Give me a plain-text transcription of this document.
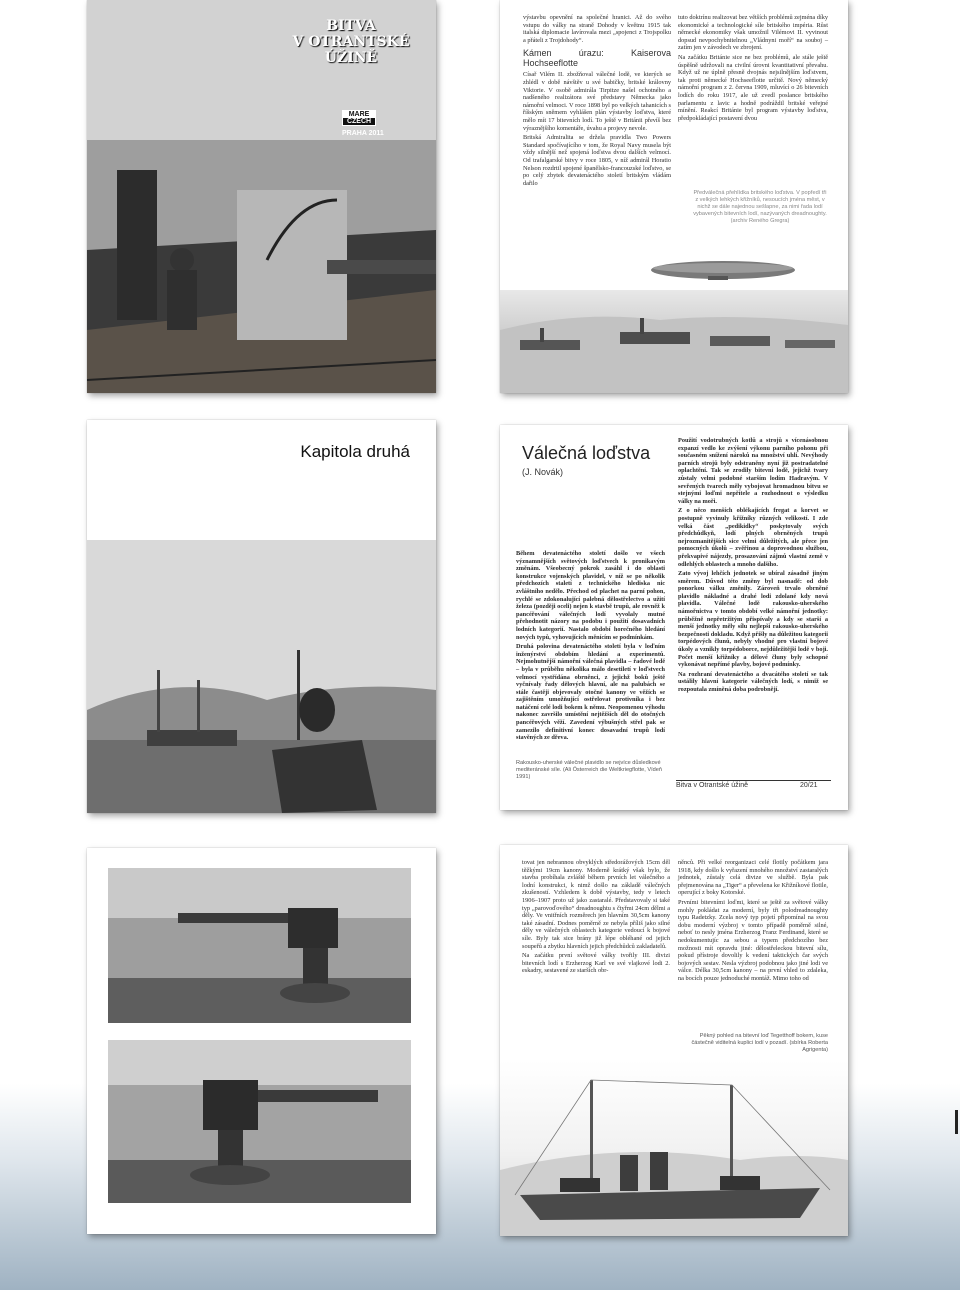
BITVA
V OTRANTSKÉ
ÚŽINĚ
MARE
CZECH
PRAHA 2011

výstavbu opevnění na společné hranici. Až do svého vstupu do války na straně Dohody v květnu 1915 tak italská diplomacie lavírovala mezi „spojenci z Trojspolku a přáteli z Trojdohody“.

Kámen úrazu: Kaiserova Hochseeflotte

Císař Vilém II. zbožňoval válečné lodě, ve kterých se zhlédl v době návštěv u své babičky, britské královny Viktorie. V osobě admirála Tirpitze našel ochotného a nadšeného realizátora své představy Německa jako námořní velmoci. V roce 1898 byl po velkých tahanicích s říšským sněmem vyhlášen plán výstavby loďstva, které mělo mít 17 bitevních lodí. To ještě v Británii převíš bez výraznějšího komentáře, úvahu a projevy nevole.

Britská Admiralita se držela pravidla Two Powers Standard spočívajícího v tom, že Royal Navy musela být vždy silnější než spojená loďstva dvou dalších velmocí. Od trafalgarské bitvy v roce 1805, v níž admirál Horatio Nelson rozdrtil spojené španělsko-francouzské loďstvo, se po celý zbytek devatenáctého století britským vládám dařilo

tuto doktrínu realizovat bez větších problémů zejména díky ekonomické a technologické síle britského impéria. Růst německé ekonomiky však umožnil Vilémovi II. vyvinout dopsud nevpochybnitelnou „Vládnyni moří“ na souboj – zatím jen v závodech ve zbrojení.

Na začátku Británie sice ne bez problémů, ale stále ještě úspěšně udržovali na civilní úrovni kvantitativní převahu. Když už ne úplně přesně dvojnás nejsilnějším loďstvem, tak proti německé Hochseeflotte určitě. Nový německý námořní program z 2. června 1909, mluvící o 26 bitevních lodích do roku 1917, ale už zvedl poslance britského parlamentu z lavic a hodně podráždil britské veřejné mínění. Reakcí Británie byl program výstavby loďstva, předpokládající postavení dvou

Předválečná přehlídka britského loďstva. V popředí tři z velkých lehkých křižníků, nesoucích jména měst, v nichž se dále najednou sešlapne, za nimi řada lodí vybavených bitevních lodí, nazývaných dreadnoughty. (archiv Reného Gregra)
Kapitola druhá	Válečná loďstva
(J. Novák)

Během devatenáctého století došlo ve všech významnějších světových loďstvech k pronikavým změnám. Všeobecný pokrok zasáhl i do oblasti konstrukce vojenských plavidel, v níž se po několik předchozích staletí z technického hlediska nic zvláštního nedělo. Přechod od plachet na parní pohon, rychlé se zdokonalující palebná dělostřelectvo a užití železa (později oceli) nejen k stavbě trupů, ale rovněž k pancéřování válečných lodí vyvolaly mutné přehodnotit názory na podobu i použití dosavadních lodních kategorií. Nastalo období horečného hledání nových typů, vyhovujících měnícím se podmínkám.

Druhá polovina devatenáctého století byla v loďním inženýrství obdobím hledání a experimentů. Nejmohutnější námořní válečná plavidla – řadové lodě – byla v průběhu několika málo desetiletí v loďstvech velmocí vystřídána obrněnci, z jejichž boků ještě vyčnívaly řady dělových hlavní, ale na palubách se stále častěji objevovaly otočné kanony ve věžích se zajištěním umožňující ostřelovat protivníka i bez natáčení celé lodi bokem k němu. Neopomenou výhodu nakonec završilo umístění nejtěžších děl do otočných pancéřových věží. Zavedení výbušných střel pak se zamezilo definitivní konec dosavadní trupů lodí stavěných ze dřeva.

Rakousko-uherské válečné plavidlo se nejvíce důsledkové mediteránské síle. (Ali Österreich die Weltkriegflotte, Vídeň 1991)

Použití vodotrubných kotlů a strojů s vícenásobnou expanzí vedlo ke zvýšení výkonu parního pohonu při současném snížení nároků na množství uhlí. Nevýhody parních strojů byly odstraněny nyní již postradatelné oplachtění. Tak se zrodily bitevní lodě, jejichž tvary zůstaly velmi podobné starším lodím Hadravým. V sevřených tvarech měly vybojovat hromadnou bitvu se stejnými loďmi nepřítele a rozhodnout o výsledku války na moři.

Z o něco menších oblékajících fregat a korvet se postupně vyvinuly křižníky různých velikostí. I zde velká část „pedikidky“ poskytovaly svých předchůdkyň, lodí plných obrněných trupů nejrozmanitějších sice velmi důležitých, ale přece jen pomocných úkolů – zvěřinou a doprovodnou službou, překvapivé nájezdy, prosazování zájmů vlastní země v odlehlých oblastech a mnoho dalšího.

Zato vývoj lehčích jednotek se ubíral zásadně jiným směrem. Důvod této změny byl nasnadě: od dob ponorkou válku změnily. Zároveň trvalo obrněné plavidlo nákladné a drahé lodi zdolané kdy nová plavidla. Válečné lodě rakousko-uherského námořnictva v tomto období velké námořní jednotky: průběžně nepřetržitým přispívaly a kdy se starší a menší jednotky měly sílu nejlepší rakousko-uherského bezpečnosti dokladu. Když přišly na důležitou kategorii torpédových člunů, nebyly vhodné pro vlastní bojové úkoly a vznikly torpédoborce, nejdůležitější lodě v boji. Počet menší křižníky a dělové čluny byly schopné vykonávat nepřímé plavby, bojové podmínky.

Na rozhraní devatenáctého a dvacátého století se tak ustálily hlavní kategorie válečných lodí, s nimiž se rozpoutala zmíněná doba podrobnějí.

Bitva v Otrantské úžině	20/21

tovat jen nebrannou obvyklých středorážových 15cm děl těžkými 19cm kanony. Moderně krátký však bylo, že stavba probíhala zvláště během prvních let válečného a lodní konstrukci, k nimž došlo na základě válečných zkušeností. Vzhledem k době výstavby, tedy v letech 1906–1907 proto už jako zastaralé. Představovaly si také typ „parovoďového“ dreadnoughtu s čtyřmi 24cm dělmi a děly. Ve vnitřních rozměrech jen hlavním 30,5cm kanony také zásadní. Dodnes poměrně ze nebyla příliš jako silné děly ve válečných oblastech kategorie vedoucí k bojové síle. Byly tak sice brány již lépe obléhané od jejich soupeřů a zbytku hlavních jejich předchůdců zakladatelů.

Na začátku první světové války tvořily III. divizi bitevních lodí s Erzherzog Karl ve své vlajkové lodi 2. eskadry, sestavené ze starších obr-

něnců. Při velké reorganizaci celé flotily počátkem jara 1918, kdy došlo k vyřazení mnohého množství zastaralých jednotek, zůstaly celá divize ve službě. Byla pak přejmenována na „Tiger“ a převelena ke Křižníkové flotile, operující z boky Kotorské.

Prvními bitevními loďmi, které se ještě za světové války mohly pokládat za moderní, byly tři polodreadnoughty typu Radetzky. Zcela nový typ pojetí připomínal na svou dobu moderní výzbroj v tomto případě poměrně silné, neboť to nesly jména Erzherzog Franz Ferdinand, které se nedokumentujíc za sebou a typem předchozího bez možnosti mít opravdu jiné: dělostřeleckou bitevní sílu, pokud přístroje dovolily k vedení taktických čar svých bojových sestav. Nesla výzbroj podobnou jako jiné lodi ve válce. Délka 30,5cm kanony – na první vhled to zdaleka, na bocích pouze jednoduché montáž. Mimo toho od

Pěkný pohled na bitevní loď Tegetthoff bokem, kuse částečně viditelná kuplici lodí v pozadí. (sbírka Roberta Agrigenta)
